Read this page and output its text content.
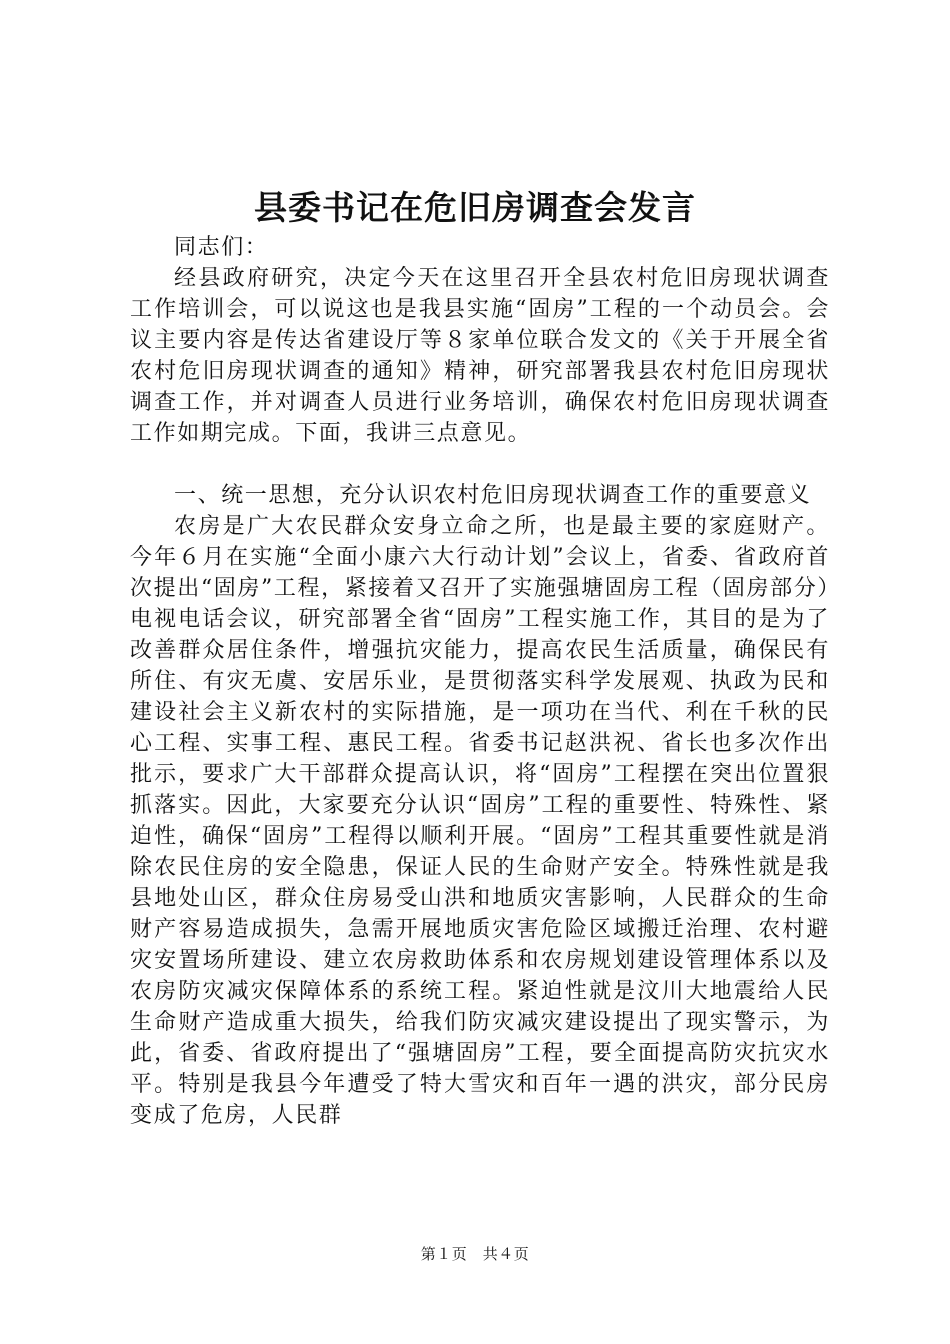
县委书记在危旧房调查会发言

同志们：

经县政府研究，决定今天在这里召开全县农村危旧房现状调查工作培训会，可以说这也是我县实施“固房”工程的一个动员会。会议主要内容是传达省建设厅等８家单位联合发文的《关于开展全省农村危旧房现状调查的通知》精神，研究部署我县农村危旧房现状调查工作，并对调查人员进行业务培训，确保农村危旧房现状调查工作如期完成。下面，我讲三点意见。

一、统一思想，充分认识农村危旧房现状调查工作的重要意义

农房是广大农民群众安身立命之所，也是最主要的家庭财产。今年６月在实施“全面小康六大行动计划”会议上，省委、省政府首次提出“固房”工程，紧接着又召开了实施强塘固房工程（固房部分）电视电话会议，研究部署全省“固房”工程实施工作，其目的是为了改善群众居住条件，增强抗灾能力，提高农民生活质量，确保民有所住、有灾无虞、安居乐业，是贯彻落实科学发展观、执政为民和建设社会主义新农村的实际措施，是一项功在当代、利在千秋的民心工程、实事工程、惠民工程。省委书记赵洪祝、省长也多次作出批示，要求广大干部群众提高认识，将“固房”工程摆在突出位置狠抓落实。因此，大家要充分认识“固房”工程的重要性、特殊性、紧迫性，确保“固房”工程得以顺利开展。“固房”工程其重要性就是消除农民住房的安全隐患，保证人民的生命财产安全。特殊性就是我县地处山区，群众住房易受山洪和地质灾害影响，人民群众的生命财产容易造成损失，急需开展地质灾害危险区域搬迁治理、农村避灾安置场所建设、建立农房救助体系和农房规划建设管理体系以及农房防灾减灾保障体系的系统工程。紧迫性就是汶川大地震给人民生命财产造成重大损失，给我们防灾减灾建设提出了现实警示，为此，省委、省政府提出了“强塘固房”工程，要全面提高防灾抗灾水平。特别是我县今年遭受了特大雪灾和百年一遇的洪灾，部分民房变成了危房，人民群

第１页　共４页
